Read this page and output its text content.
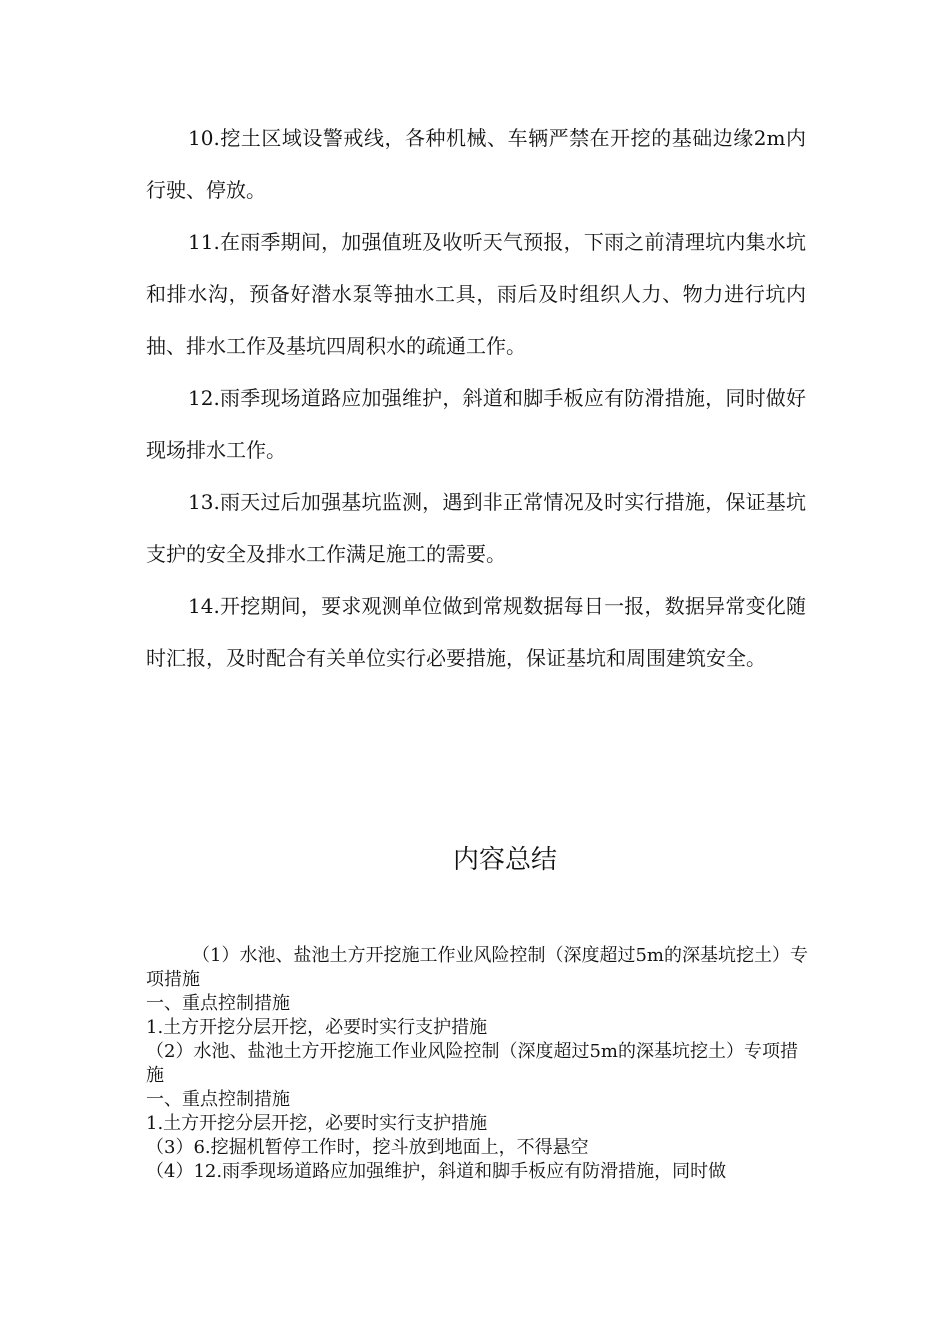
10.挖土区域设警戒线，各种机械、车辆严禁在开挖的基础边缘2m内行驶、停放。

11.在雨季期间，加强值班及收听天气预报，下雨之前清理坑内集水坑和排水沟，预备好潜水泵等抽水工具，雨后及时组织人力、物力进行坑内抽、排水工作及基坑四周积水的疏通工作。

12.雨季现场道路应加强维护，斜道和脚手板应有防滑措施，同时做好现场排水工作。

13.雨天过后加强基坑监测，遇到非正常情况及时实行措施，保证基坑支护的安全及排水工作满足施工的需要。

14.开挖期间，要求观测单位做到常规数据每日一报，数据异常变化随时汇报，及时配合有关单位实行必要措施，保证基坑和周围建筑安全。

内容总结

（1）水池、盐池土方开挖施工作业风险控制（深度超过5m的深基坑挖土）专项措施

一、重点控制措施

1.土方开挖分层开挖，必要时实行支护措施

（2）水池、盐池土方开挖施工作业风险控制（深度超过5m的深基坑挖土）专项措施

一、重点控制措施

1.土方开挖分层开挖，必要时实行支护措施

（3）6.挖掘机暂停工作时，挖斗放到地面上，不得悬空

（4）12.雨季现场道路应加强维护，斜道和脚手板应有防滑措施，同时做
